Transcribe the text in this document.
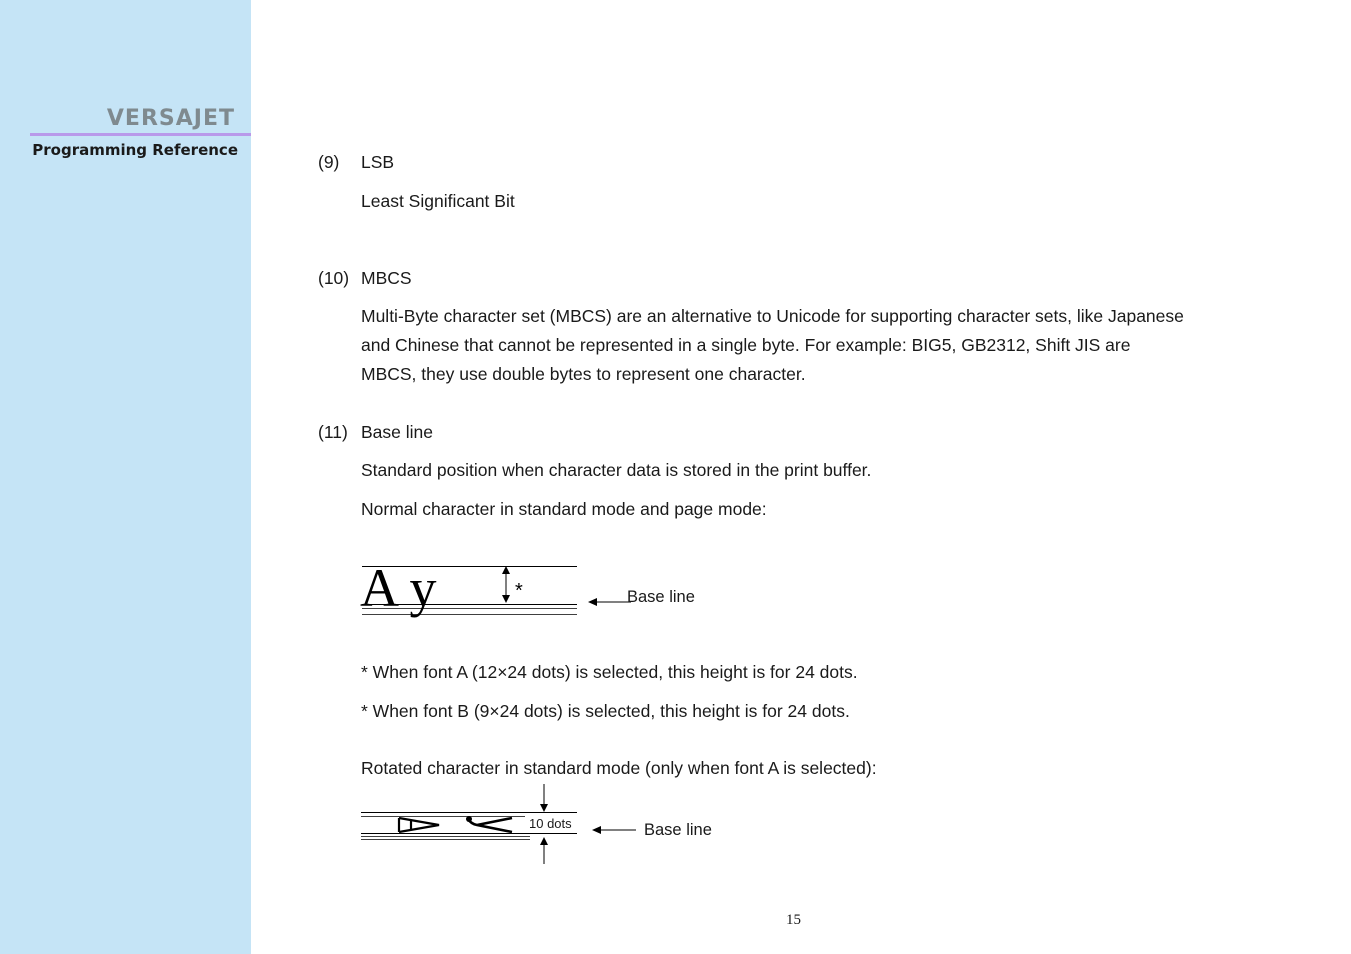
VERSAJET
Programming Reference
(9) LSB
Least Significant Bit
(10) MBCS
Multi-Byte character set (MBCS) are an alternative to Unicode for supporting character sets, like Japanese
and Chinese that cannot be represented in a single byte. For example: BIG5, GB2312, Shift JIS are
MBCS, they use double bytes to represent one character.
(11) Base line
Standard position when character data is stored in the print buffer.
Normal character in standard mode and page mode:
A y	*	Base line
* When font A (12×24 dots) is selected, this height is for 24 dots.
* When font B (9×24 dots) is selected, this height is for 24 dots.
Rotated character in standard mode (only when font A is selected):
10 dots	Base line
15
